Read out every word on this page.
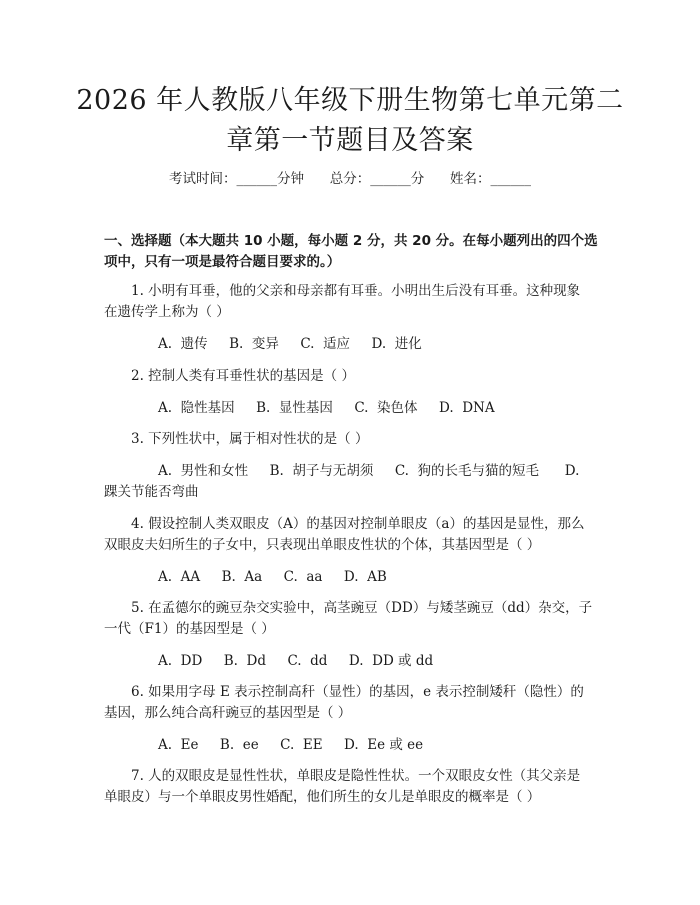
2026 年人教版八年级下册生物第七单元第二
章第一节题目及答案
考试时间：______分钟      总分：______分      姓名：______
一、选择题（本大题共 10 小题，每小题 2 分，共 20 分。在每小题列出的四个选
项中，只有一项是最符合题目要求的。）
1. 小明有耳垂，他的父亲和母亲都有耳垂。小明出生后没有耳垂。这种现象
在遗传学上称为（ ）
A.  遗传     B.  变异     C.  适应     D.  进化
2. 控制人类有耳垂性状的基因是（ ）
A.  隐性基因     B.  显性基因     C.  染色体     D.  DNA
3. 下列性状中，属于相对性状的是（ ）
A.  男性和女性     B.  胡子与无胡须     C.  狗的长毛与猫的短毛      D.
踝关节能否弯曲
4. 假设控制人类双眼皮（A）的基因对控制单眼皮（a）的基因是显性，那么
双眼皮夫妇所生的子女中，只表现出单眼皮性状的个体，其基因型是（ ）
A.  AA     B.  Aa     C.  aa     D.  AB
5. 在孟德尔的豌豆杂交实验中，高茎豌豆（DD）与矮茎豌豆（dd）杂交，子
一代（F1）的基因型是（ ）
A.  DD     B.  Dd     C.  dd     D.  DD 或 dd
6. 如果用字母 E 表示控制高秆（显性）的基因，e 表示控制矮秆（隐性）的
基因，那么纯合高秆豌豆的基因型是（ ）
A.  Ee     B.  ee     C.  EE     D.  Ee 或 ee
7. 人的双眼皮是显性性状，单眼皮是隐性性状。一个双眼皮女性（其父亲是
单眼皮）与一个单眼皮男性婚配，他们所生的女儿是单眼皮的概率是（ ）
